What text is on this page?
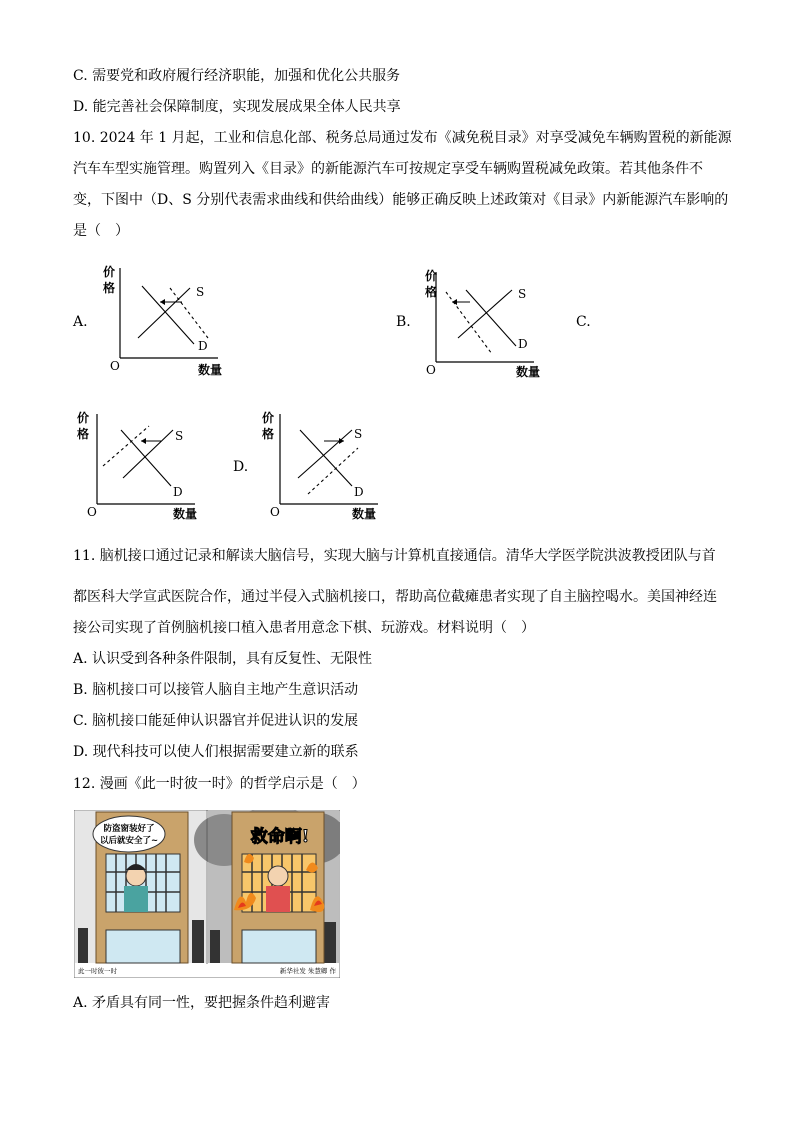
C. 需要党和政府履行经济职能，加强和优化公共服务
D. 能完善社会保障制度，实现发展成果全体人民共享
10. 2024 年 1 月起，工业和信息化部、税务总局通过发布《减免税目录》对享受减免车辆购置税的新能源
汽车车型实施管理。购置列入《目录》的新能源汽车可按规定享受车辆购置税减免政策。若其他条件不
变，下图中（D、S 分别代表需求曲线和供给曲线）能够正确反映上述政策对《目录》内新能源汽车影响的
是（　）
A.	B.	C.
D.
价
格
O	数量
S
D
价
格
O	数量
S
D
价
格
O	数量
S
D
价
格
O	数量
S
D
11. 脑机接口通过记录和解读大脑信号，实现大脑与计算机直接通信。清华大学医学院洪波教授团队与首
都医科大学宣武医院合作，通过半侵入式脑机接口，帮助高位截瘫患者实现了自主脑控喝水。美国神经连
接公司实现了首例脑机接口植入患者用意念下棋、玩游戏。材料说明（　）
A. 认识受到各种条件限制，具有反复性、无限性
B. 脑机接口可以接管人脑自主地产生意识活动
C. 脑机接口能延伸认识器官并促进认识的发展
D. 现代科技可以使人们根据需要建立新的联系
12. 漫画《此一时彼一时》的哲学启示是（　）
防盗窗装好了
以后就安全了~	救命啊!
此一时彼一时	新华社发 朱慧卿 作
A. 矛盾具有同一性，要把握条件趋利避害
